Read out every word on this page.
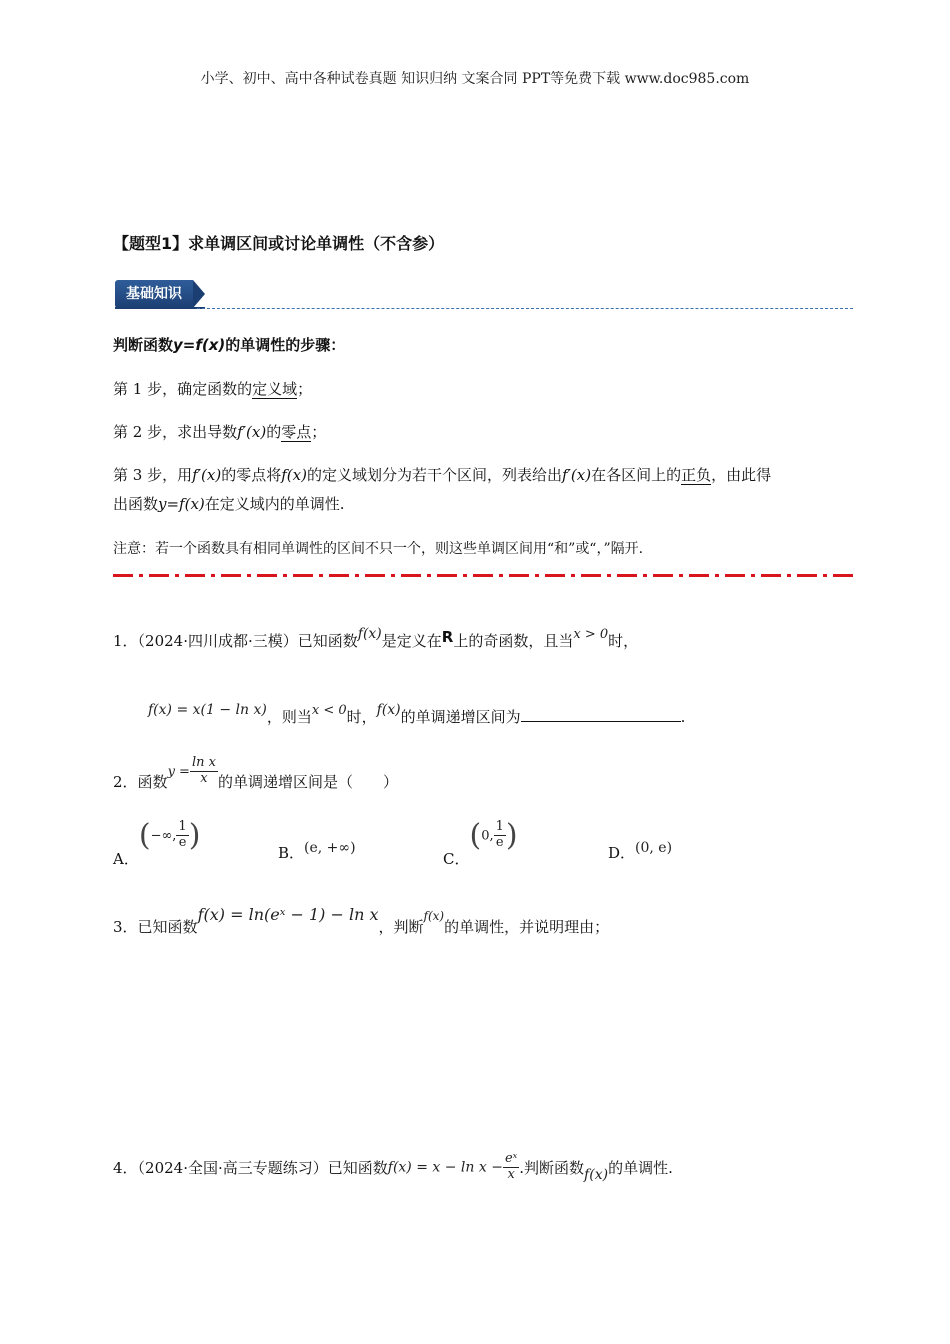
小学、初中、高中各种试卷真题 知识归纳 文案合同 PPT等免费下载 www.doc985.com
【题型1】求单调区间或讨论单调性（不含参）
基础知识
判断函数y=f(x)的单调性的步骤：
第 1 步，确定函数的定义域；
第 2 步，求出导数f′(x)的零点；
第 3 步，用f′(x)的零点将f(x)的定义域划分为若干个区间，列表给出f′(x)在各区间上的正负，由此得
出函数y=f(x)在定义域内的单调性.
注意：若一个函数具有相同单调性的区间不只一个，则这些单调区间用“和”或“，”隔开.
1．（2024·四川成都·三模）已知函数f(x)是定义在R上的奇函数，且当x > 0时，
f(x) = x(1 − ln x)，则当x < 0时，f(x)的单调递增区间为	.
2．函数$y = \frac{\text{ln x}}{x}$ 的单调递增区间是（　　）
A．(−∞, $\frac{1}{e}$ )	B．(e, +∞)
C．(0, $\frac{1}{e}$ )	D．(0, e)
3．已知函数f(x) = ln(eˣ − 1) − ln x，判断f(x)的单调性，并说明理由；
4．（2024·全国·高三专题练习）已知函数$f(x) = x - \ln x - \frac{\text{eˣ}}{x}$ .判断函数f(x)的单调性.
